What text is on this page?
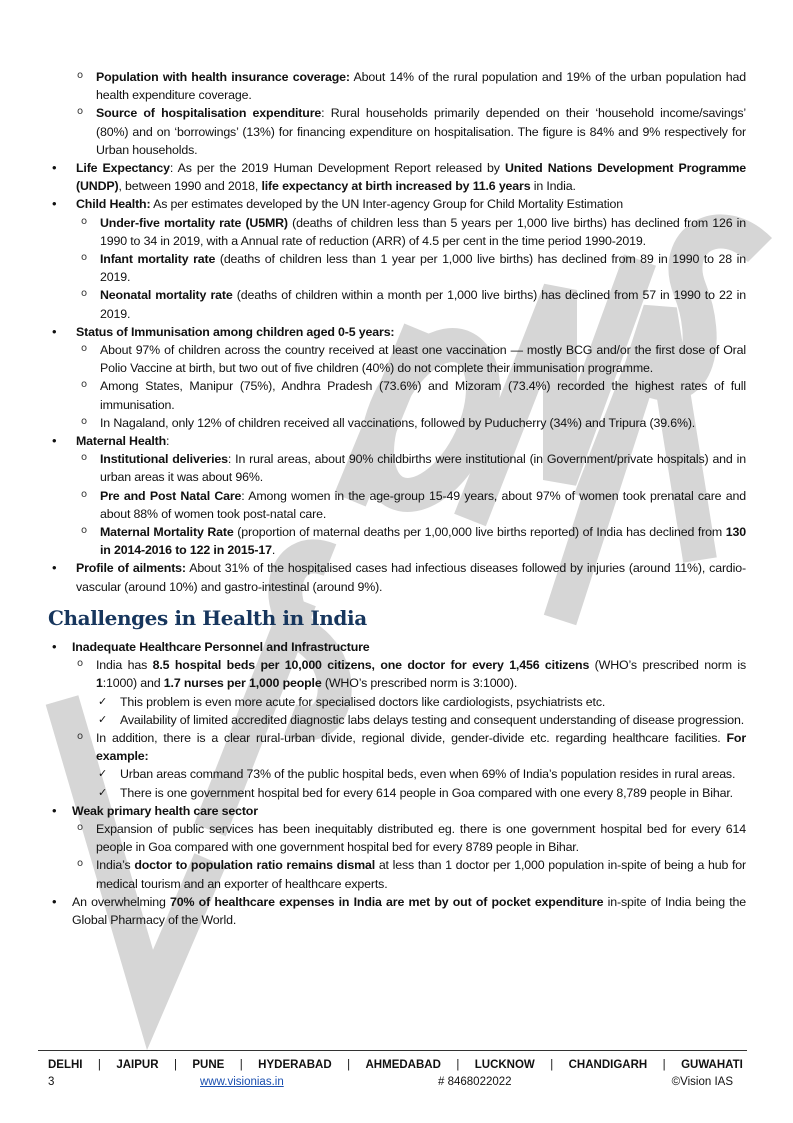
o Population with health insurance coverage: About 14% of the rural population and 19% of the urban population had health expenditure coverage.
o Source of hospitalisation expenditure: Rural households primarily depended on their ‘household income/savings’ (80%) and on ‘borrowings’ (13%) for financing expenditure on hospitalisation. The figure is 84% and 9% respectively for Urban households.
• Life Expectancy: As per the 2019 Human Development Report released by United Nations Development Programme (UNDP), between 1990 and 2018, life expectancy at birth increased by 11.6 years in India.
• Child Health: As per estimates developed by the UN Inter-agency Group for Child Mortality Estimation
o Under-five mortality rate (U5MR) (deaths of children less than 5 years per 1,000 live births) has declined from 126 in 1990 to 34 in 2019, with a Annual rate of reduction (ARR) of 4.5 per cent in the time period 1990-2019.
o Infant mortality rate (deaths of children less than 1 year per 1,000 live births) has declined from 89 in 1990 to 28 in 2019.
o Neonatal mortality rate (deaths of children within a month per 1,000 live births) has declined from 57 in 1990 to 22 in 2019.
• Status of Immunisation among children aged 0-5 years:
o About 97% of children across the country received at least one vaccination — mostly BCG and/or the first dose of Oral Polio Vaccine at birth, but two out of five children (40%) do not complete their immunisation programme.
o Among States, Manipur (75%), Andhra Pradesh (73.6%) and Mizoram (73.4%) recorded the highest rates of full immunisation.
o In Nagaland, only 12% of children received all vaccinations, followed by Puducherry (34%) and Tripura (39.6%).
• Maternal Health:
o Institutional deliveries: In rural areas, about 90% childbirths were institutional (in Government/private hospitals) and in urban areas it was about 96%.
o Pre and Post Natal Care: Among women in the age-group 15-49 years, about 97% of women took prenatal care and about 88% of women took post-natal care.
o Maternal Mortality Rate (proportion of maternal deaths per 1,00,000 live births reported) of India has declined from 130 in 2014-2016 to 122 in 2015-17.
• Profile of ailments: About 31% of the hospitalised cases had infectious diseases followed by injuries (around 11%), cardio-vascular (around 10%) and gastro-intestinal (around 9%).
Challenges in Health in India
• Inadequate Healthcare Personnel and Infrastructure
o India has 8.5 hospital beds per 10,000 citizens, one doctor for every 1,456 citizens (WHO’s prescribed norm is 1:1000) and 1.7 nurses per 1,000 people (WHO’s prescribed norm is 3:1000).
✓ This problem is even more acute for specialised doctors like cardiologists, psychiatrists etc.
✓ Availability of limited accredited diagnostic labs delays testing and consequent understanding of disease progression.
o In addition, there is a clear rural-urban divide, regional divide, gender-divide etc. regarding healthcare facilities. For example:
✓ Urban areas command 73% of the public hospital beds, even when 69% of India’s population resides in rural areas.
✓ There is one government hospital bed for every 614 people in Goa compared with one every 8,789 people in Bihar.
• Weak primary health care sector
o Expansion of public services has been inequitably distributed eg. there is one government hospital bed for every 614 people in Goa compared with one government hospital bed for every 8789 people in Bihar.
o India’s doctor to population ratio remains dismal at less than 1 doctor per 1,000 population in-spite of being a hub for medical tourism and an exporter of healthcare experts.
• An overwhelming 70% of healthcare expenses in India are met by out of pocket expenditure in-spite of India being the Global Pharmacy of the World.
DELHI | JAIPUR | PUNE | HYDERABAD | AHMEDABAD | LUCKNOW | CHANDIGARH | GUWAHATI
3	www.visionias.in	# 8468022022	©Vision IAS
